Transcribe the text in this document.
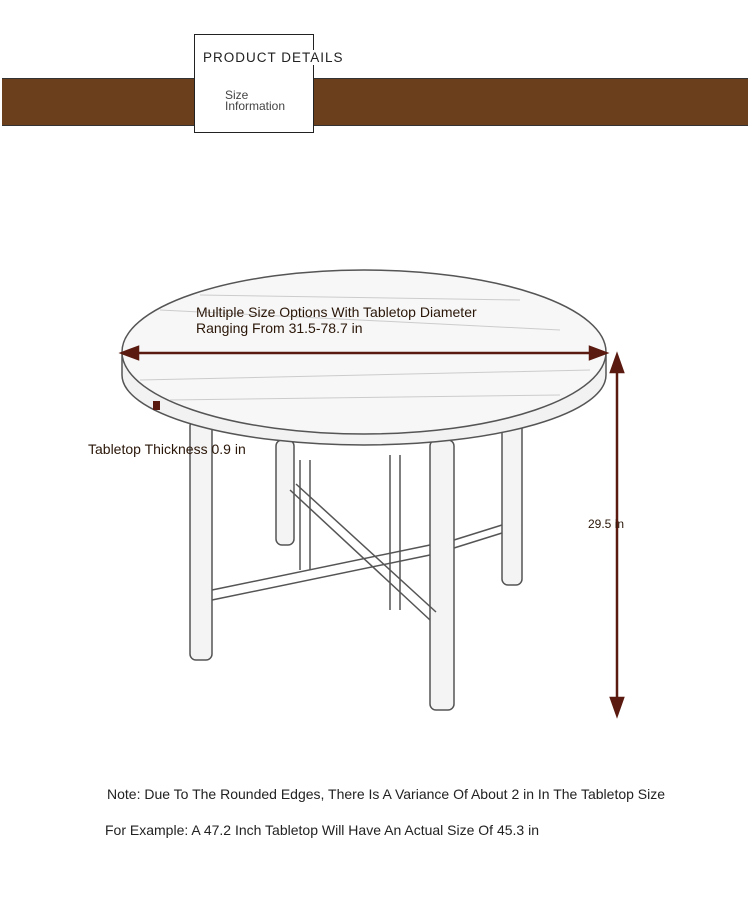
PRODUCT DETAILS
Size
Information
Multiple Size Options With Tabletop Diameter
Ranging From 31.5-78.7 in
Tabletop Thickness 0.9 in
29.5 in
Note: Due To The Rounded Edges, There Is A Variance Of About 2 in In The Tabletop Size
For Example: A 47.2 Inch Tabletop Will Have An Actual Size Of 45.3 in
